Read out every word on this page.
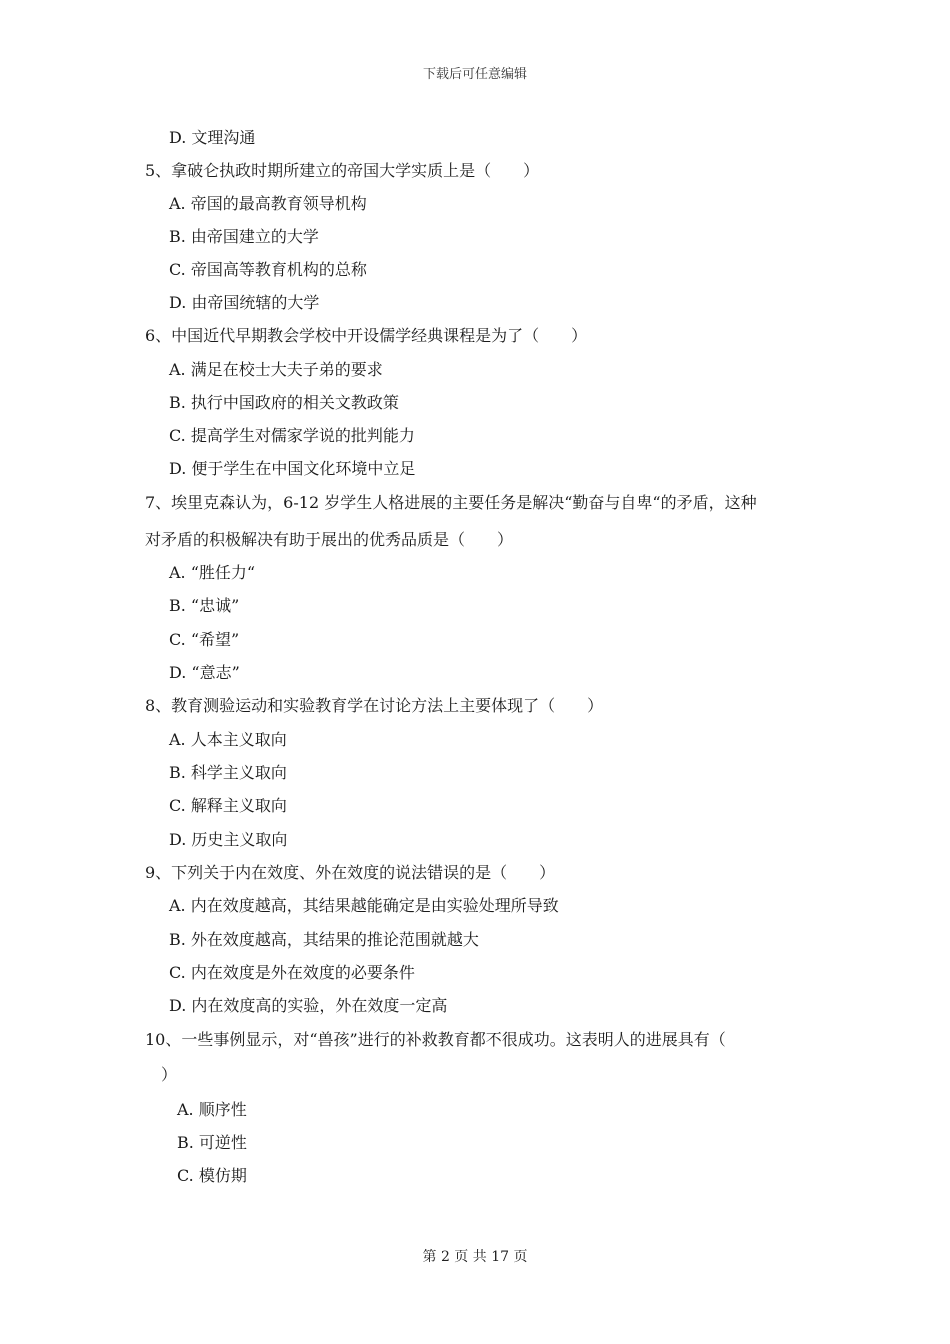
下载后可任意编辑
D. 文理沟通
5、拿破仑执政时期所建立的帝国大学实质上是（　　）
A. 帝国的最高教育领导机构
B. 由帝国建立的大学
C. 帝国高等教育机构的总称
D. 由帝国统辖的大学
6、中国近代早期教会学校中开设儒学经典课程是为了（　　）
A. 满足在校士大夫子弟的要求
B. 执行中国政府的相关文教政策
C. 提高学生对儒家学说的批判能力
D. 便于学生在中国文化环境中立足
7、埃里克森认为，6-12 岁学生人格进展的主要任务是解决“勤奋与自卑“的矛盾，这种
对矛盾的积极解决有助于展出的优秀品质是（　　）
A. “胜任力“
B. “忠诚”
C. “希望”
D. “意志”
8、教育测验运动和实验教育学在讨论方法上主要体现了（　　）
A. 人本主义取向
B. 科学主义取向
C. 解释主义取向
D. 历史主义取向
9、下列关于内在效度、外在效度的说法错误的是（　　）
A. 内在效度越高，其结果越能确定是由实验处理所导致
B. 外在效度越高，其结果的推论范围就越大
C. 内在效度是外在效度的必要条件
D. 内在效度高的实验，外在效度一定高
10、一些事例显示，对“兽孩”进行的补救教育都不很成功。这表明人的进展具有（
　）
A. 顺序性
B. 可逆性
C. 模仿期
第 2 页 共 17 页
